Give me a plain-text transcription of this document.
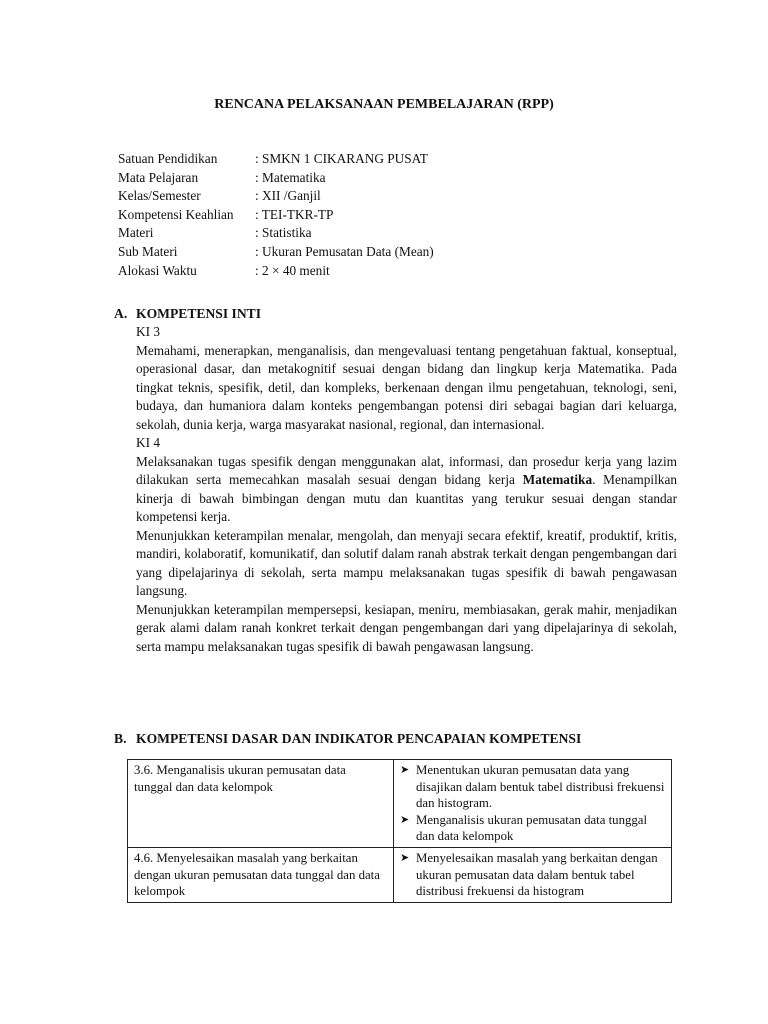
RENCANA PELAKSANAAN PEMBELAJARAN (RPP)
Satuan Pendidikan	: SMKN 1 CIKARANG PUSAT
Mata Pelajaran	: Matematika
Kelas/Semester	: XII /Ganjil
Kompetensi Keahlian	: TEI-TKR-TP
Materi	: Statistika
Sub Materi	: Ukuran Pemusatan Data (Mean)
Alokasi Waktu	: 2 × 40 menit
A. KOMPETENSI INTI

KI 3

Memahami, menerapkan, menganalisis, dan mengevaluasi tentang pengetahuan faktual, konseptual, operasional dasar, dan metakognitif sesuai dengan bidang dan lingkup kerja Matematika. Pada tingkat teknis, spesifik, detil, dan kompleks, berkenaan dengan ilmu pengetahuan, teknologi, seni, budaya, dan humaniora dalam konteks pengembangan potensi diri sebagai bagian dari keluarga, sekolah, dunia kerja, warga masyarakat nasional, regional, dan internasional.

KI 4

Melaksanakan tugas spesifik dengan menggunakan alat, informasi, dan prosedur kerja yang lazim dilakukan serta memecahkan masalah sesuai dengan bidang kerja Matematika. Menampilkan kinerja di bawah bimbingan dengan mutu dan kuantitas yang terukur sesuai dengan standar kompetensi kerja.

Menunjukkan keterampilan menalar, mengolah, dan menyaji secara efektif, kreatif, produktif, kritis, mandiri, kolaboratif, komunikatif, dan solutif dalam ranah abstrak terkait dengan pengembangan dari yang dipelajarinya di sekolah, serta mampu melaksanakan tugas spesifik di bawah pengawasan langsung.

Menunjukkan keterampilan mempersepsi, kesiapan, meniru, membiasakan, gerak mahir, menjadikan gerak alami dalam ranah konkret terkait dengan pengembangan dari yang dipelajarinya di sekolah, serta mampu melaksanakan tugas spesifik di bawah pengawasan langsung.

B. KOMPETENSI DASAR DAN INDIKATOR PENCAPAIAN KOMPETENSI
3.6. Menganalisis ukuran pemusatan data tunggal dan data kelompok	➤ Menentukan ukuran pemusatan data yang disajikan dalam bentuk tabel distribusi frekuensi dan histogram.
➤ Menganalisis ukuran pemusatan data tunggal dan data kelompok

4.6. Menyelesaikan masalah yang berkaitan dengan ukuran pemusatan data tunggal dan data kelompok	➤ Menyelesaikan masalah yang berkaitan dengan ukuran pemusatan data dalam bentuk tabel distribusi frekuensi da histogram
